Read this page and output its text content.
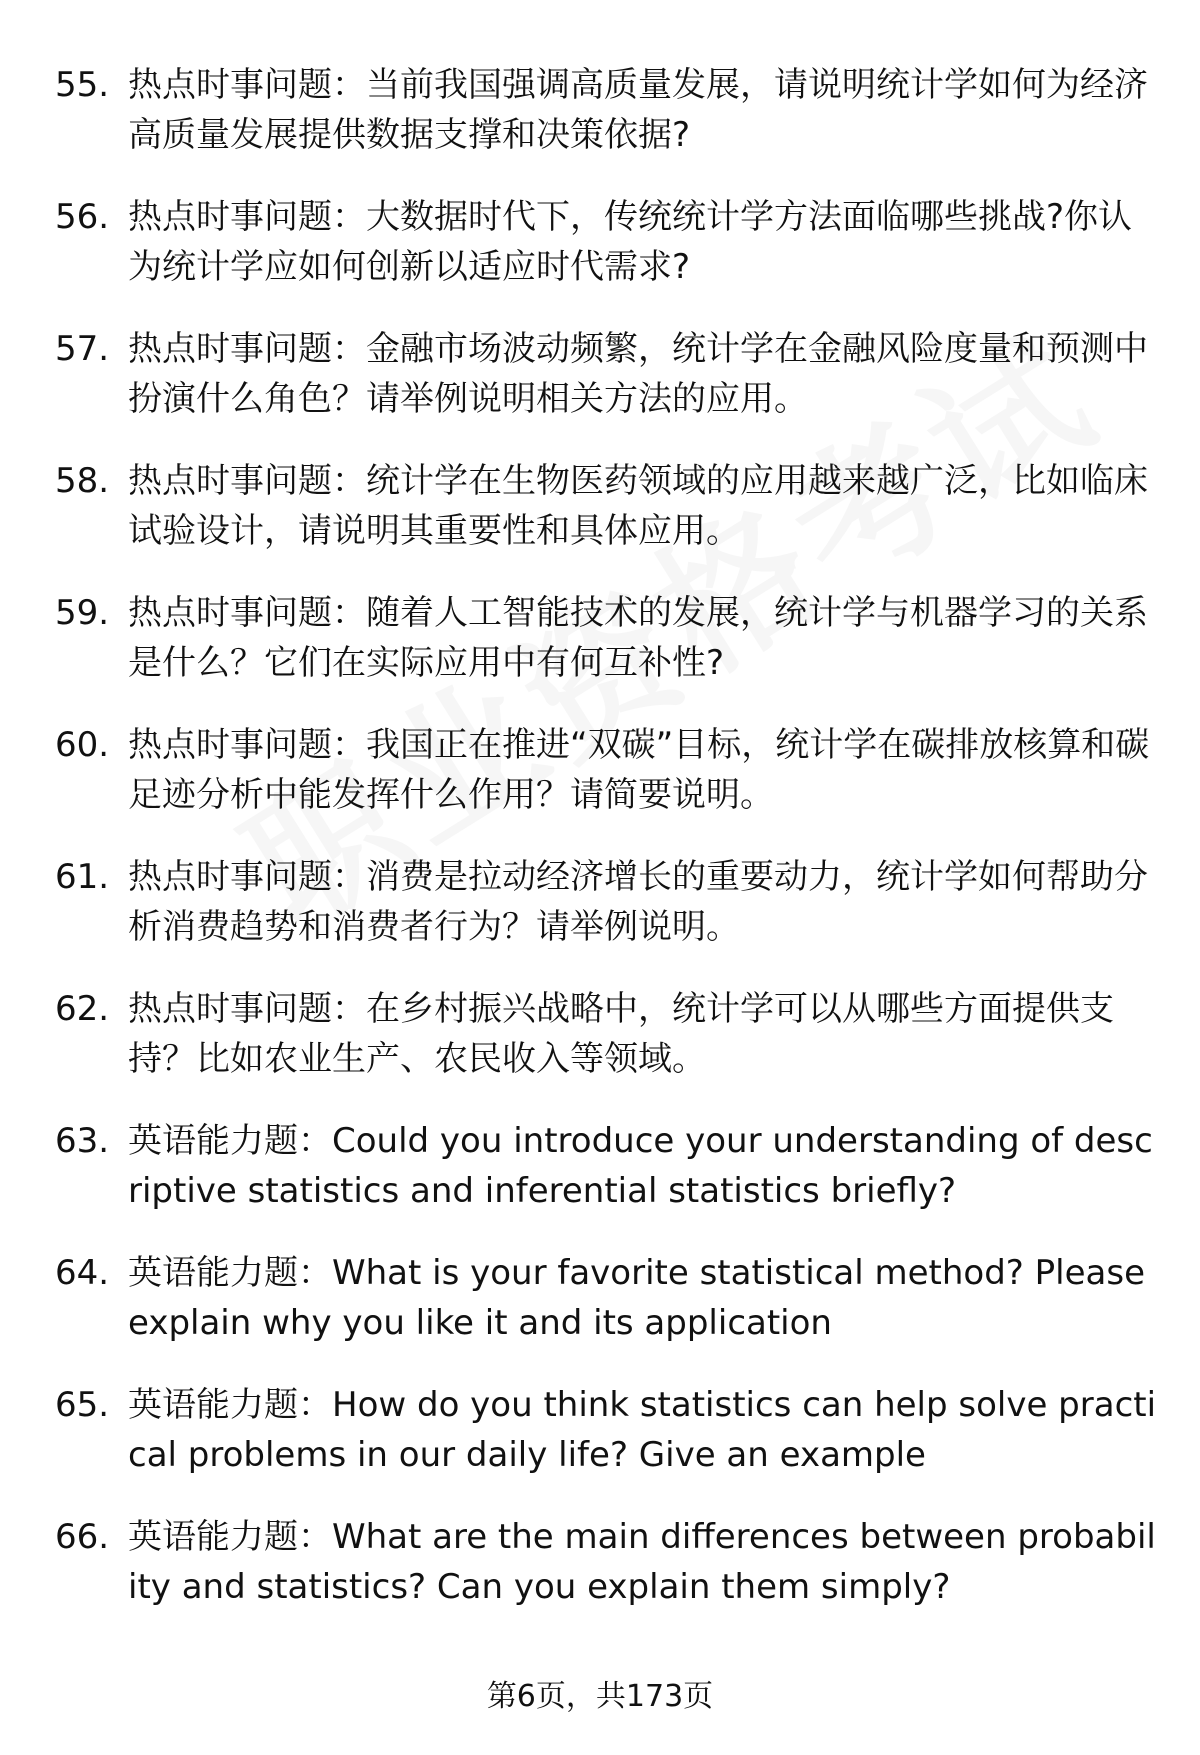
55. 热点时事问题：当前我国强调高质量发展，请说明统计学如何为经济高质量发展提供数据支撑和决策依据?
56. 热点时事问题：大数据时代下，传统统计学方法面临哪些挑战?你认为统计学应如何创新以适应时代需求?
57. 热点时事问题：金融市场波动频繁，统计学在金融风险度量和预测中扮演什么角色？请举例说明相关方法的应用。
58. 热点时事问题：统计学在生物医药领域的应用越来越广泛，比如临床试验设计，请说明其重要性和具体应用。
59. 热点时事问题：随着人工智能技术的发展，统计学与机器学习的关系是什么？它们在实际应用中有何互补性?
60. 热点时事问题：我国正在推进“双碳”目标，统计学在碳排放核算和碳足迹分析中能发挥什么作用？请简要说明。
61. 热点时事问题：消费是拉动经济增长的重要动力，统计学如何帮助分析消费趋势和消费者行为？请举例说明。
62. 热点时事问题：在乡村振兴战略中，统计学可以从哪些方面提供支持？比如农业生产、农民收入等领域。
63. 英语能力题：Could you introduce your understanding of descriptive statistics and inferential statistics briefly?
64. 英语能力题：What is your favorite statistical method? Please explain why you like it and its application
65. 英语能力题：How do you think statistics can help solve practical problems in our daily life? Give an example
66. 英语能力题：What are the main differences between probability and statistics? Can you explain them simply?
第6页，共173页
